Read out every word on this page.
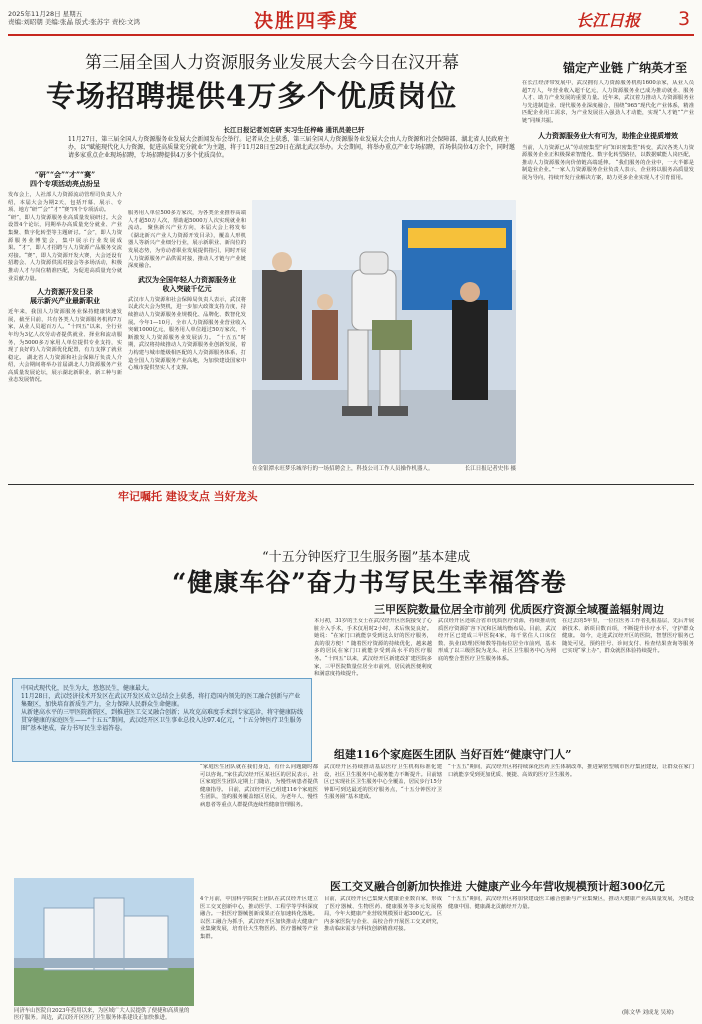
2025年11月28日 星期五
责编:刘昭朝 美编:张晶 版式:张苏宇 责校:文鸿	决胜四季度	长江日报 3
第三届全国人力资源服务业发展大会今日在汉开幕
专场招聘提供4万多个优质岗位
锚定产业链 广纳英才至
长江日报记者刘克研 实习生任梓峰 通讯员姜巳轩
11月27日，第三届全国人力资源服务业发展大会新闻发布会举行。记者从会上获悉，第三届全国人力资源服务业发展大会由人力资源和社会保障部、湖北省人民政府主办，以“赋能现代化人力资源，促进高质量充分就业”为主题，将于11月28日至29日在湖北武汉举办。大会期间，将举办重点产业专场招聘，首场供岗位4万余个，同时邀请多家重点企业现场招聘，专场招聘提供4万多个优质岗位。
“研”“会”“才”“赛”
四个专项活动亮点纷呈
发布会上，人社部人力资源流动管理司负责人介绍，本届大会为期2天，包括开幕、展示、专项、地方“研”“会”“才”“赛”四个专项活动。
“研”，即人力资源服务业高质量发展研讨。大会设置4个论坛，同期举办高质量充分就业、产业集聚、数字化转型等主题研讨。“会”，即人力资源服务业博览会，集中展示行业发展成果。“才”，即人才招聘与人力资源产品服务交流对接。“赛”，即人力资源开发大赛，大会还设有招聘会、人力资源供需对接会等多场活动，积极推动人才与岗位精准匹配，为促进高质量充分就业贡献力量。
人力资源开发日录
展示新兴产业最新职业
近年来，我国人力资源服务业保持健康快速发展，截至目前，共有各类人力资源服务机构7万家，从业人员超百万人。“十四五”以来，全行业年均为3亿人次劳动者提供就业、择业和流动服务，为5000多万家用人单位提供专业支持，实现了良好的人力资源优化配置，有力支撑了就业稳定。 湖北省人力资源和社会保障厅负责人介绍，大会期间将举办首届湖北人力资源服务产业高质量发展论坛，展示湖北新职业、新工种与新业态发展情况。
服务用人单位500多万家次，为各类企业推荐高端人才超50万人次，帮助超5000万人次实现就业和流动。 聚焦新兴产业方向，本届大会上将发布《湖北新兴产业人力资源开发目录》，覆盖人形机器人等新兴产业细分行业，展示新职业、新岗位的发展态势，为劳动者职业发展提供指引，同时开展人力资源服务产品供需对接，推动人才链与产业链深度融合。
武汉为全国年轻人力资源服务业
收入突破千亿元
武汉市人力资源和社会保障局负责人表示，武汉将以此次大会为契机，进一步加大政策支持力度，持续推动人力资源服务业规模化、品牌化、数智化发展。今年1—10月，全市人力资源服务业营业收入突破1000亿元，服务用人单位超过50万家次，不断激发人力资源服务业发展活力。 “十五五”时期，武汉将持续推动人力资源服务业创新发展，着力构建与城市能级相匹配的人力资源服务体系，打造全国人力资源服务产业高地，为加快建设国家中心城市提供坚实人才支撑。
在金银潭永旺梦乐城举行的一场招聘会上，科技公司工作人员操作机器人。	长江日报记者史伟 摄
在长江经济带发展中，武汉拥有人力资源服务机构1600余家，从业人员超7万人，年营业收入超千亿元，人力资源服务业已成为推动就业、服务人才、助力产业发展的重要力量。近年来，武汉着力推动人力资源服务业与先进制造业、现代服务业深度融合，围绕“965”现代化产业体系，精准匹配企业用工需求，为产业发展注入强劲人才动能，实现“人才链”“产业链”同频共振。
人力资源服务业大有可为，助推企业提质增效
当前，人力资源已从“劳动密集型”向“知识密集型”转变，武汉各类人力资源服务企业正积极探索智能化、数字化转型路径，以数据赋能人岗匹配，推动人力资源服务向价值链高端延伸。 “我们服务的企业中，一大半都是制造业企业。”一家人力资源服务企业负责人表示，企业将以服务高质量发展为导向，持续开发行业解决方案，助力更多企业实现人才引育留用。
牢记嘱托 建设支点 当好龙头
“十五分钟医疗卫生服务圈”基本建成
“健康车谷”奋力书写民生幸福答卷
三甲医院数量位居全市前列 优质医疗资源全域覆盖辐射周边

中国式现代化，民生为大，悠悠民生，健康最大。

11月28日，武汉经济技术开发区在武汉开发区成立总结会上获悉，将打造国内领先的医工融合创新与产业集聚区，加快培育新质生产力，全力保障人民群众生命健康。

从新建高水平的三甲医院新院区，到推进医工交叉融合创新；从攻克高难度手术到专家巡诊，将守健康防线贯穿健康的家庭医生——“十五五”期间，武汉经开区卫生事业总投入达97.4亿元，“十五分钟医疗卫生服务圈”基本建成，奋力书写民生幸福答卷。

本月初，31岁的王女士在武汉经开区医院接受了心脏介入手术，手术仅用时2小时，术后恢复良好。她说：“在家门口就能享受到这么好的医疗服务，真的很方便！” 随着医疗资源的持续优化，越来越多的居民在家门口就能享受到高水平的医疗服务。“十四五”以来，武汉经开区新建改扩建医院多家，三甲医院数量位居全市前列，居民就医便利度和满意度持续提升。
武汉经开区还联合省市优质医疗资源，持续推动优质医疗资源扩容下沉和区域均衡布局。目前，武汉经开区已建成三甲医院4家，每千常住人口床位数、执业(助理)医师数等指标位居全市前列，基本形成了以三级医院为龙头、社区卫生服务中心为网底的整合型医疗卫生服务体系。
在过去的5年里，一位位医务工作者扎根基层，先后开展新技术、新项目数百项，不断提升诊疗水平，守护群众健康。 如今，走进武汉经开区的医院，智慧医疗服务已随处可见，预约挂号、诊间支付、检查结果查询等服务已实现“掌上办”，群众就医体验持续提升。
组建116个家庭医生团队 当好百姓“健康守门人”
“家庭医生团队就在我们身边，有什么问题随时都可以咨询。”家住武汉经开区某社区的居民表示，社区家庭医生团队定期上门随访，为慢性病患者提供健康指导。 目前，武汉经开区已组建116个家庭医生团队，签约服务覆盖辖区居民，为老年人、慢性病患者等重点人群提供连续性健康管理服务。
武汉经开区持续推动基层医疗卫生机构标准化建设，社区卫生服务中心服务能力不断提升。目前辖区已实现社区卫生服务中心全覆盖，居民步行15分钟即可到达最近的医疗服务点，“十五分钟医疗卫生服务圈”基本建成。
“十五五”期间，武汉经开区将持续深化医药卫生体制改革，推进紧密型城市医疗集团建设，让群众在家门口就能享受到更加优质、便捷、高效的医疗卫生服务。
医工交叉融合创新加快推进 大健康产业今年营收规模预计超300亿元
同济车山医院自2023年投用以来，为区域广大人民提供了便捷和高质量的医疗服务。周边，武汉经开区医疗卫生服务体系建设正加快推进。
4个月前，中国科学院院士团队在武汉经开区建立医工交叉创新中心，推动医学、工程学等学科深度融合。一批医疗器械创新成果正在加速转化落地。 以医工融合为抓手，武汉经开区加快推动大健康产业集聚发展，培育壮大生物医药、医疗器械等产业集群。
目前，武汉经开区已集聚大健康企业数百家，形成了医疗器械、生物医药、健康服务等多元发展格局，今年大健康产业营收规模预计超300亿元。 区内多家医院与企业、高校合作开展医工交叉研究，推动临床需求与科技创新精准对接。
“十五五”期间，武汉经开区将加快建设医工融合创新与产业集聚区，推动大健康产业高质量发展，为建设健康中国、健康湖北贡献经开力量。
(陈文华 刘成龙 吴琼)
